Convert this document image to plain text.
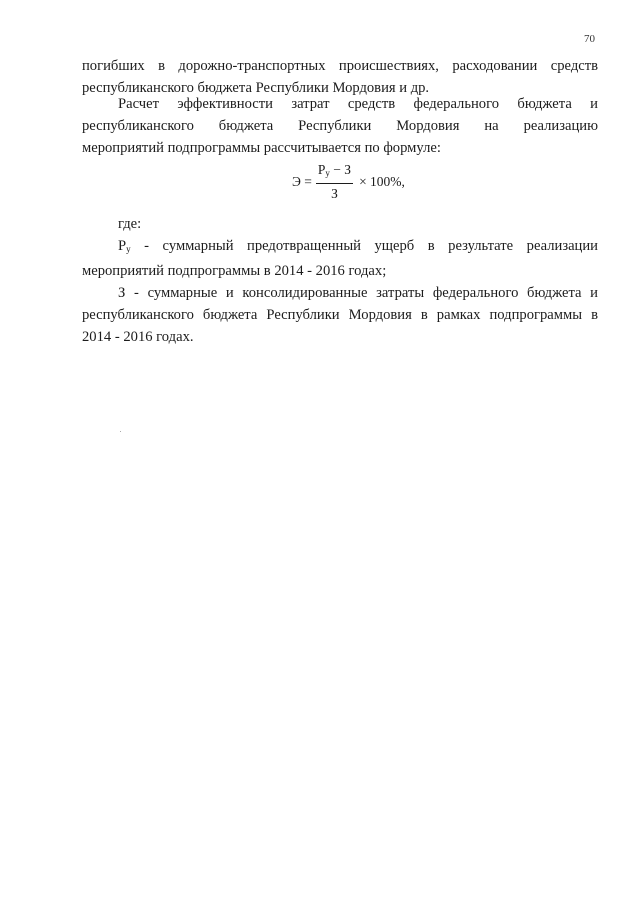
70
погибших в дорожно-транспортных происшествиях, расходовании средств
республиканского бюджета Республики Мордовия и др.
Расчет эффективности затрат средств федерального бюджета и
республиканского бюджета Республики Мордовия на реализацию
мероприятий подпрограммы рассчитывается по формуле:
$Э = \frac{Р_у - З}{З} \times 100\%$,
где:
$Р_у$ - суммарный предотвращенный ущерб в результате реализации
мероприятий подпрограммы в 2014 - 2016 годах;
З - суммарные и консолидированные затраты федерального бюджета и
республиканского бюджета Республики Мордовия в рамках подпрограммы в
2014 - 2016 годах.
